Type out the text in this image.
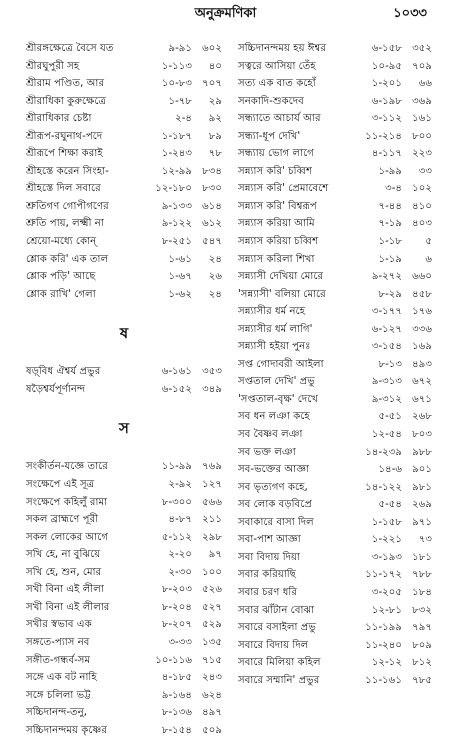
অনুক্রমণিকা	১০৩৩
শ্রীরঙ্গক্ষেত্রে বৈসে যত	৯-৯১ ৬০২
শ্রীরঘুপুরী সহ	১-১১৩	৪০
শ্রীরাম পণ্ডিত, আর	১০-৮৩ ৭০৭
শ্রীরাধিকা কুরুক্ষেত্রে	১-৭৮	২৯
শ্রীরাধিকার চেষ্টা	২-৪	৯২
শ্রীরূপ-রঘুনাথ-পদে	১-১৮৭	৮৯
শ্রীরূপে শিক্ষা করাই	১-২৪৩	৭৮
শ্রীহস্তে করেন সিংহা-	১২-৯৯ ৮৩৪
শ্রীহস্তে দিল সবারে	১২-১৮০ ৮৩০
শ্রুতিগণ গোপীগণের	৯-১৩৩ ৬১৪
শ্রুতি পায়, লক্ষ্মী না	৯-১২২ ৬১২
শ্রেয়ো-মধ্যে কোন্	৮-২৫১ ৫৪৭
শ্লোক করি' এক তাল	১-৬১	২৪
শ্লোক পড়ি' আছে	১-৬৭	২৬
শ্লোক রাখি' গেলা	১-৬২	২৪
ষ
ষড়্‌বিধ ঐশ্বর্য প্রভুর	৬-১৬১ ৩৫৩
ষড়ৈশ্বর্যপূর্ণানন্দ	৬-১৫২ ৩৪৯
স
সংকীর্তন-যজ্ঞে তারে	১১-৯৯ ৭৬৯
সংক্ষেপে এই সূত্র	২-৯২ ১২৭
সংক্ষেপে কহিলুঁ রামা	৮-৩০০ ৫৬৬
সকল ব্রাহ্মণে পূরী	৪-৮৭ ২১১
সকল লোকের আগে	৫-১১২ ২৯৮
সখি হে, না বুঝিয়ে	২-২০	৯৭
সখি হে, শুন, মোর	২-৩০ ১০০
সখী বিনা এই লীলা	৮-২০৩ ৫২৬
সখী বিনা এই লীলার	৮-২০৪ ৫২৭
সখীর স্বভাব এক	৮-২০৭ ৫২৯
সঙ্গতে-প্যাস নব	৩-৩৩ ১৩৫
সঙ্গীত-গন্ধর্ব-সম	১০-১১৬ ৭১৫
সঙ্গে এক বট নাহি	৪-১৮৫ ২৪৩
সঙ্গে চলিলা ভট্ট	৯-১৬৪ ৬২৪
সচ্চিদানন্দ-তনু,	৮-১৩৬ ৪৯৭
সচ্চিদানন্দময় কৃষ্ণের	৮-১৫৪ ৫০৯
সচ্চিদানন্দময় হয় ঈশ্বর	৬-১৫৮ ৩৫২
সত্বরে আসিয়া তেঁহ	১০-৯৫ ৭০৯
সত্য এক বাত কহোঁ	১-২০১	৬৬
সনকাদি-শুকদেব	৬-১৯৮ ৩৬৯
সন্ধ্যাতে আচার্য আর	৩-১১২ ১৬১
সন্ধ্যা-ধূপ দেখি'	১১-২১৪ ৮০০
সন্ধ্যায় ভোগ লাগে	৪-১১৭ ২২৩
সন্ন্যাস করি' চব্বিশ	১-৯৯	৩৩
সন্ন্যাস করি' প্রেমাবেশে	৩-৪ ১০২
সন্ন্যাস করি' বিশ্বরূপ	৭-৪৪ ৪১০
সন্ন্যাস করিয়া আমি	৭-১৯ ৪০৩
সন্ন্যাস করিয়া চব্বিশ	১-১৮	৫
সন্ন্যাস করিলা শিখা	১-১৯	৬
সন্ন্যাসী দেখিয়া মোরে	৯-২৭২ ৬৬০
'সন্ন্যাসী' বলিয়া মোরে	৮-২৯ ৪৫৮
সন্ন্যাসীর ধর্ম নহে	৩-১৭৭ ১৭৬
সন্ন্যাসীর ধর্ম লাগি'	৬-১২৭ ৩৩৬
সন্ন্যাসী হইয়া পুনঃ	৩-১৫৪ ১৬৯
সপ্ত গোদাবরী আইলা	৮-১৩ ৪৯৩
সপ্ততাল দেখি' প্রভু	৯-৩১৩ ৬৭২
'সপ্ততাল-বৃক্ষ' দেখে	৯-৩১২ ৬৭১
সব ধন লঞা কহে	৫-৫১ ২৬৮
সব বৈষ্ণব লঞা	১২-৫৪ ৮০৩
সব ভক্ত লঞা	১৪-২৩৯ ৯৮৮
সব-ভক্তের আজ্ঞা	১৪-৬ ৯০১
সব ভৃত্যগণ কহে,	১৪-১২২ ৯৮১
সব লোক বড়বিপ্রে	৫-৫৪ ২৬৯
সবাকারে বাসা দিল	১-১৫৮ ৯৭১
সবা-পাশ আজ্ঞা	১-২২১	৭৩
সবা বিদায় দিয়া	৩-১৯৩ ১৮১
সবার করিয়াছি	১১-১৭২ ৭৮৮
সবার চরণ ধরি	৩-২০৫ ১৮৪
সবার ঝাঁটান বোঝা	১২-৮১ ৮৩২
সবারে বসাইলা প্রভু	১১-১৯৯ ৭৯৭
সবারে বিদায় দিল	১১-২৪০ ৮০৯
সবারে মিলিয়া কহিল	১২-১২ ৮১২
সবারে সম্মানি' প্রভুর	১১-১৬১ ৭৮৫
